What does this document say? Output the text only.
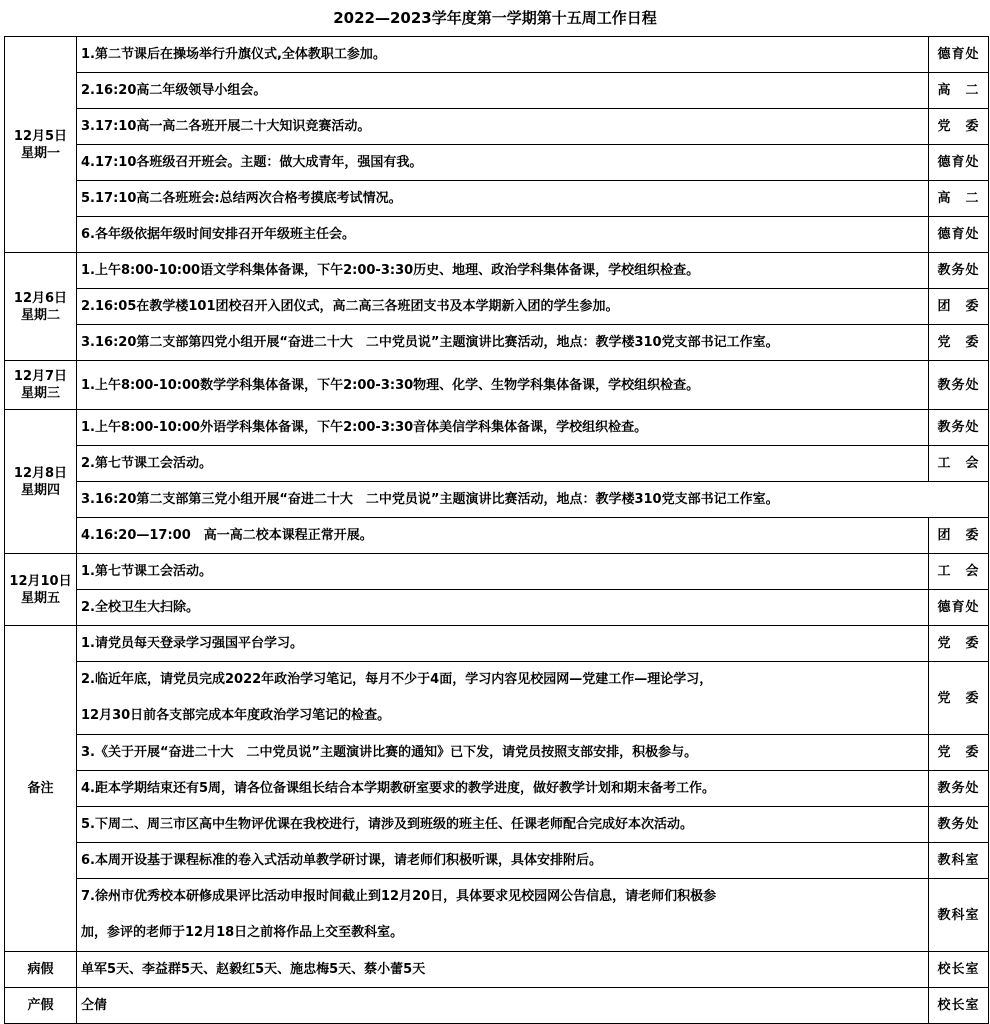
2022—2023学年度第一学期第十五周工作日程
12月5日
星期一	1.第二节课后在操场举行升旗仪式,全体教职工参加。	德育处
	2.16:20高二年级领导小组会。	高　二
	3.17:10高一高二各班开展二十大知识竞赛活动。	党　委
	4.17:10各班级召开班会。主题：做大成青年，强国有我。	德育处
	5.17:10高二各班班会:总结两次合格考摸底考试情况。	高　二
	6.各年级依据年级时间安排召开年级班主任会。	德育处

12月6日
星期二	1.上午8:00-10:00语文学科集体备课，下午2:00-3:30历史、地理、政治学科集体备课，学校组织检查。	教务处
	2.16:05在教学楼101团校召开入团仪式，高二高三各班团支书及本学期新入团的学生参加。	团　委
	3.16:20第二支部第四党小组开展“奋进二十大　二中党员说”主题演讲比赛活动，地点：教学楼310党支部书记工作室。	党　委

12月7日
星期三	1.上午8:00-10:00数学学科集体备课，下午2:00-3:30物理、化学、生物学科集体备课，学校组织检查。	教务处

12月8日
星期四	1.上午8:00-10:00外语学科集体备课，下午2:00-3:30音体美信学科集体备课，学校组织检查。	教务处
	2.第七节课工会活动。	工　会
	3.16:20第二支部第三党小组开展“奋进二十大　二中党员说”主题演讲比赛活动，地点：教学楼310党支部书记工作室。	
	4.16:20—17:00　高一高二校本课程正常开展。	团　委

12月10日
星期五	1.第七节课工会活动。	工　会
	2.全校卫生大扫除。	德育处

备注	1.请党员每天登录学习强国平台学习。	党　委

	2.临近年底，请党员完成2022年政治学习笔记，每月不少于4面，学习内容见校园网—党建工作—理论学习，
12月30日前各支部完成本年度政治学习笔记的检查。	党　委
	3.《关于开展“奋进二十大　二中党员说”主题演讲比赛的通知》已下发，请党员按照支部安排，积极参与。	党　委
	4.距本学期结束还有5周，请各位备课组长结合本学期教研室要求的教学进度，做好教学计划和期末备考工作。	教务处
	5.下周二、周三市区高中生物评优课在我校进行，请涉及到班级的班主任、任课老师配合完成好本次活动。	教务处
	6.本周开设基于课程标准的卷入式活动单教学研讨课，请老师们积极听课，具体安排附后。	教科室

	7.徐州市优秀校本研修成果评比活动申报时间截止到12月20日，具体要求见校园网公告信息，请老师们积极参
加，参评的老师于12月18日之前将作品上交至教科室。	教科室
病假	单军5天、李益群5天、赵毅红5天、施忠梅5天、蔡小蕾5天	校长室
产假	仝倩	校长室
